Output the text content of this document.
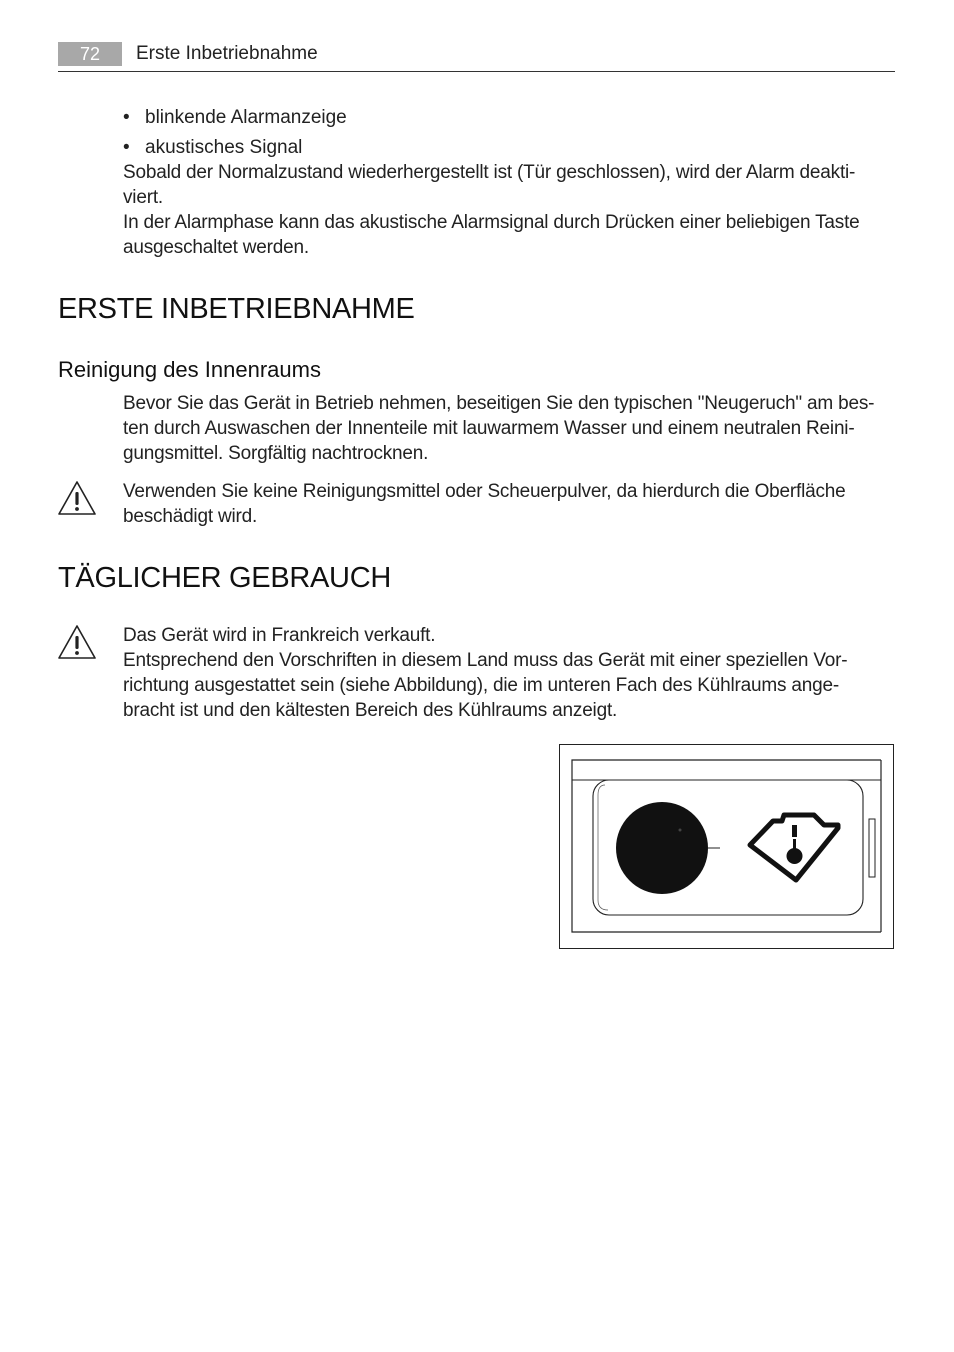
72	Erste Inbetriebnahme
• blinkende Alarmanzeige
• akustisches Signal
Sobald der Normalzustand wiederhergestellt ist (Tür geschlossen), wird der Alarm deakti-
viert.
In der Alarmphase kann das akustische Alarmsignal durch Drücken einer beliebigen Taste
ausgeschaltet werden.
ERSTE INBETRIEBNAHME
Reinigung des Innenraums
Bevor Sie das Gerät in Betrieb nehmen, beseitigen Sie den typischen "Neugeruch" am bes-
ten durch Auswaschen der Innenteile mit lauwarmem Wasser und einem neutralen Reini-
gungsmittel. Sorgfältig nachtrocknen.
Verwenden Sie keine Reinigungsmittel oder Scheuerpulver, da hierdurch die Oberfläche
beschädigt wird.
TÄGLICHER GEBRAUCH
Das Gerät wird in Frankreich verkauft.
Entsprechend den Vorschriften in diesem Land muss das Gerät mit einer speziellen Vor-
richtung ausgestattet sein (siehe Abbildung), die im unteren Fach des Kühlraums ange-
bracht ist und den kältesten Bereich des Kühlraums anzeigt.
